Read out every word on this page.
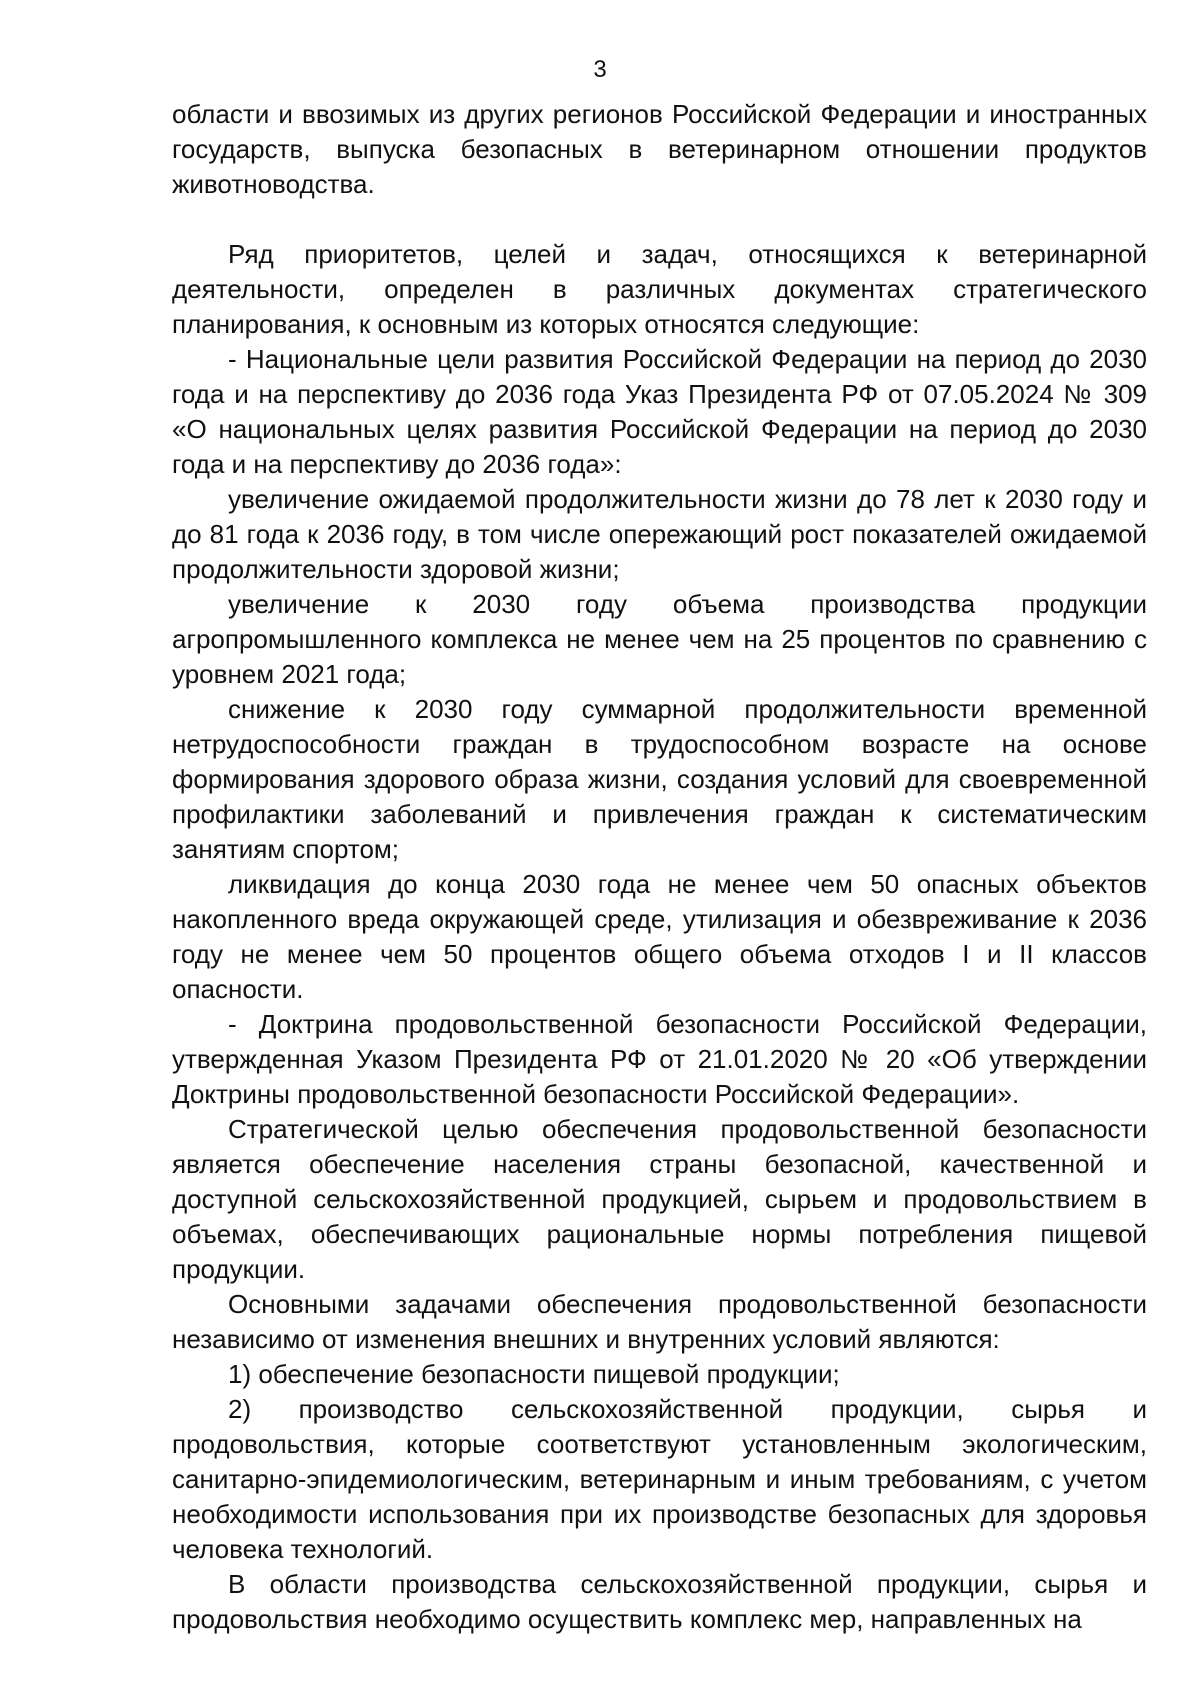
3

области и ввозимых из других регионов Российской Федерации и иностранных государств, выпуска безопасных в ветеринарном отношении продуктов животноводства.

Ряд приоритетов, целей и задач, относящихся к ветеринарной деятельности, определен в различных документах стратегического планирования, к основным из которых относятся следующие:

- Национальные цели развития Российской Федерации на период до 2030 года и на перспективу до 2036 года Указ Президента РФ от 07.05.2024 № 309 «О национальных целях развития Российской Федерации на период до 2030 года и на перспективу до 2036 года»:

увеличение ожидаемой продолжительности жизни до 78 лет к 2030 году и до 81 года к 2036 году, в том числе опережающий рост показателей ожидаемой продолжительности здоровой жизни;

увеличение к 2030 году объема производства продукции агропромышленного комплекса не менее чем на 25 процентов по сравнению с уровнем 2021 года;

снижение к 2030 году суммарной продолжительности временной нетрудоспособности граждан в трудоспособном возрасте на основе формирования здорового образа жизни, создания условий для своевременной профилактики заболеваний и привлечения граждан к систематическим занятиям спортом;

ликвидация до конца 2030 года не менее чем 50 опасных объектов накопленного вреда окружающей среде, утилизация и обезвреживание к 2036 году не менее чем 50 процентов общего объема отходов I и II классов опасности.

- Доктрина продовольственной безопасности Российской Федерации, утвержденная Указом Президента РФ от 21.01.2020 № 20 «Об утверждении Доктрины продовольственной безопасности Российской Федерации».

Стратегической целью обеспечения продовольственной безопасности является обеспечение населения страны безопасной, качественной и доступной сельскохозяйственной продукцией, сырьем и продовольствием в объемах, обеспечивающих рациональные нормы потребления пищевой продукции.

Основными задачами обеспечения продовольственной безопасности независимо от изменения внешних и внутренних условий являются:

1) обеспечение безопасности пищевой продукции;

2) производство сельскохозяйственной продукции, сырья и продовольствия, которые соответствуют установленным экологическим, санитарно-эпидемиологическим, ветеринарным и иным требованиям, с учетом необходимости использования при их производстве безопасных для здоровья человека технологий.

В области производства сельскохозяйственной продукции, сырья и продовольствия необходимо осуществить комплекс мер, направленных на
